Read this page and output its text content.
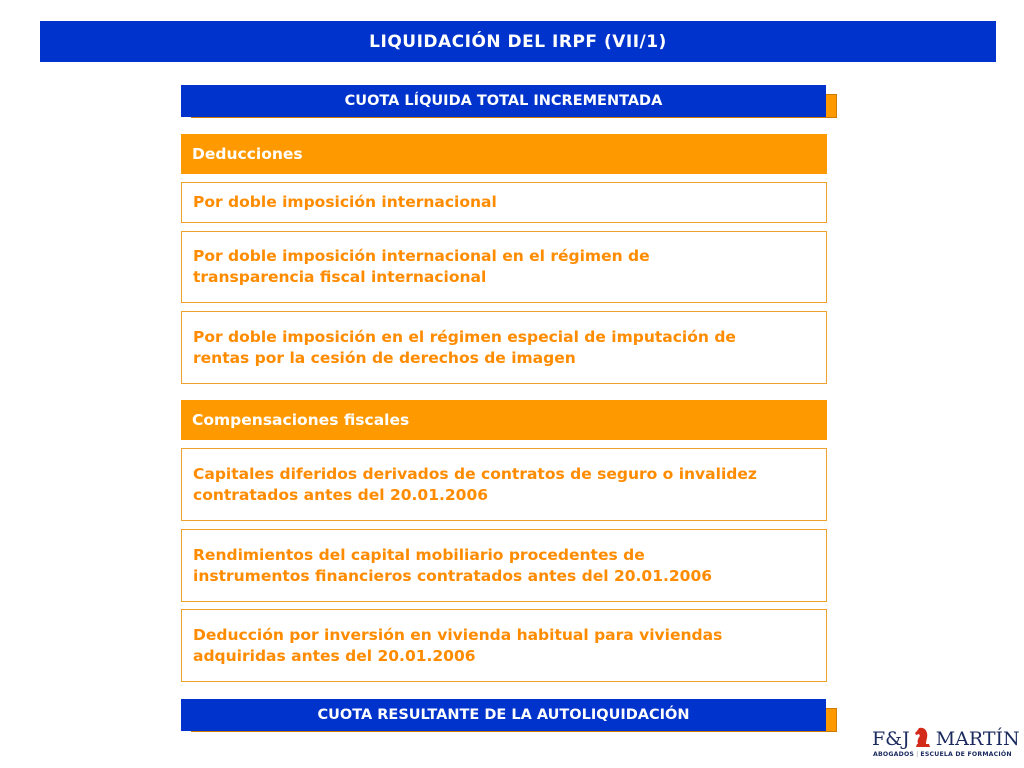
LIQUIDACIÓN DEL IRPF (VII/1)
CUOTA LÍQUIDA TOTAL INCREMENTADA
Deducciones
Por doble imposición internacional
Por doble imposición internacional en el régimen de transparencia fiscal internacional
Por doble imposición en el régimen especial de imputación de rentas por la cesión de derechos de imagen
Compensaciones fiscales
Capitales diferidos derivados de contratos de seguro o invalidez contratados antes del 20.01.2006
Rendimientos del capital mobiliario procedentes de instrumentos financieros contratados antes del 20.01.2006
Deducción por inversión en vivienda habitual para viviendas adquiridas antes del 20.01.2006
CUOTA RESULTANTE DE LA AUTOLIQUIDACIÓN
F&J MARTÍN
ABOGADOS | ESCUELA DE FORMACIÓN
